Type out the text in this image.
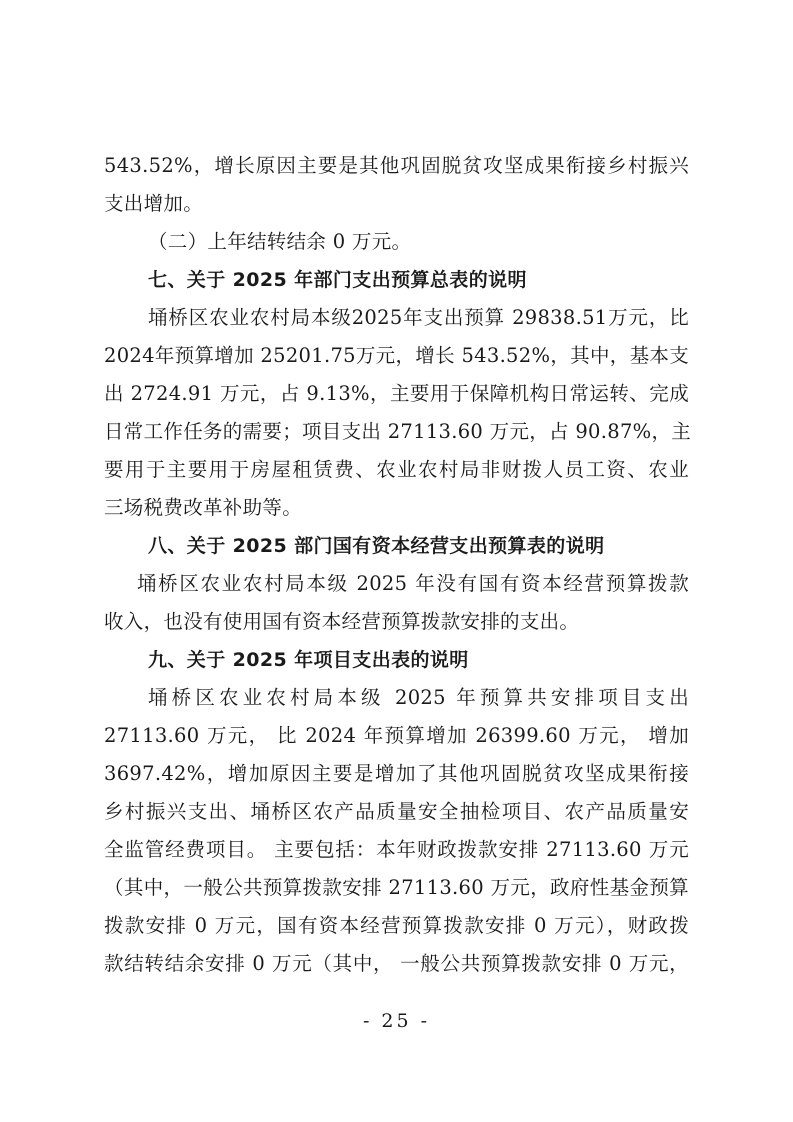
543.52%，增长原因主要是其他巩固脱贫攻坚成果衔接乡村振兴
支出增加。
（二）上年结转结余 0 万元。
七、关于 2025 年部门支出预算总表的说明
埇桥区农业农村局本级2025年支出预算 29838.51万元，比
2024年预算增加 25201.75万元，增长 543.52%，其中，基本支
出 2724.91 万元，占 9.13%，主要用于保障机构日常运转、完成
日常工作任务的需要；项目支出 27113.60 万元，占 90.87%，主
要用于主要用于房屋租赁费、农业农村局非财拨人员工资、农业
三场税费改革补助等。
八、关于 2025 部门国有资本经营支出预算表的说明
埇桥区农业农村局本级 2025 年没有国有资本经营预算拨款
收入，也没有使用国有资本经营预算拨款安排的支出。
九、关于 2025 年项目支出表的说明
埇桥区农业农村局本级 2025 年预算共安排项目支出
27113.60 万元， 比 2024 年预算增加 26399.60 万元， 增加
3697.42%，增加原因主要是增加了其他巩固脱贫攻坚成果衔接
乡村振兴支出、埇桥区农产品质量安全抽检项目、农产品质量安
全监管经费项目。 主要包括：本年财政拨款安排 27113.60 万元
（其中，一般公共预算拨款安排 27113.60 万元，政府性基金预算
拨款安排 0 万元，国有资本经营预算拨款安排 0 万元），财政拨
款结转结余安排 0 万元（其中， 一般公共预算拨款安排 0 万元，
- 25 -
